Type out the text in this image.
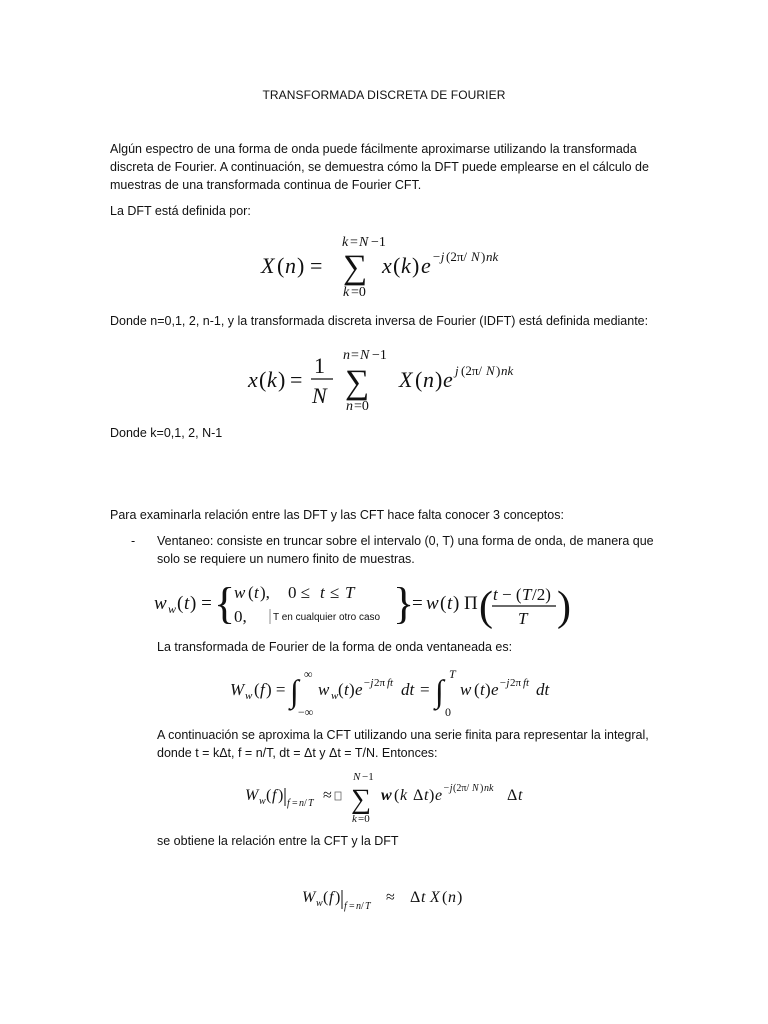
TRANSFORMADA DISCRETA DE FOURIER

Algún espectro de una forma de onda puede fácilmente aproximarse utilizando la transformada discreta de Fourier. A continuación, se demuestra cómo la DFT puede emplearse en el cálculo de muestras de una transformada continua de Fourier CFT.

La DFT está definida por:

X ( n ) =
k = N −1
∑
k =0
x ( k ) e −j (2π/ N ) nk

Donde n=0,1, 2, n-1, y la transformada discreta inversa de Fourier (IDFT) está definida mediante:

x ( k ) =
1
N
n = N −1
∑
n =0
X ( n ) e j (2π/ N ) nk

Donde k=0,1, 2, N-1

Para examinarla relación entre las DFT y las CFT hace falta conocer 3 conceptos:

- Ventaneo: consiste en truncar sobre el intervalo (0, T) una forma de onda, de manera que solo se requiere un numero finito de muestras.

w w ( t ) = {
w ( t ), 0 ≤ t ≤ T
0,	T en cualquier otro caso }
= w ( t ) Π ( t − ( T /2)
T )

La transformada de Fourier de la forma de onda ventaneada es:

W w ( f ) = ∫ ∞
−∞
w w ( t ) e −j 2π ft dt = ∫ T
0
w ( t ) e −j 2π ft dt

A continuación se aproxima la CFT utilizando una serie finita para representar la integral, donde t = kΔt, f = n/T, dt = Δt y Δt = T/N. Entonces:

W w ( f ) f = n / T ≈
N −1
∑
k =0
w ( k Δ t ) e −j (2π/ N ) nk Δ t

se obtiene la relación entre la CFT y la DFT

W w ( f )
f = n / T
≈ Δ t X ( n )
